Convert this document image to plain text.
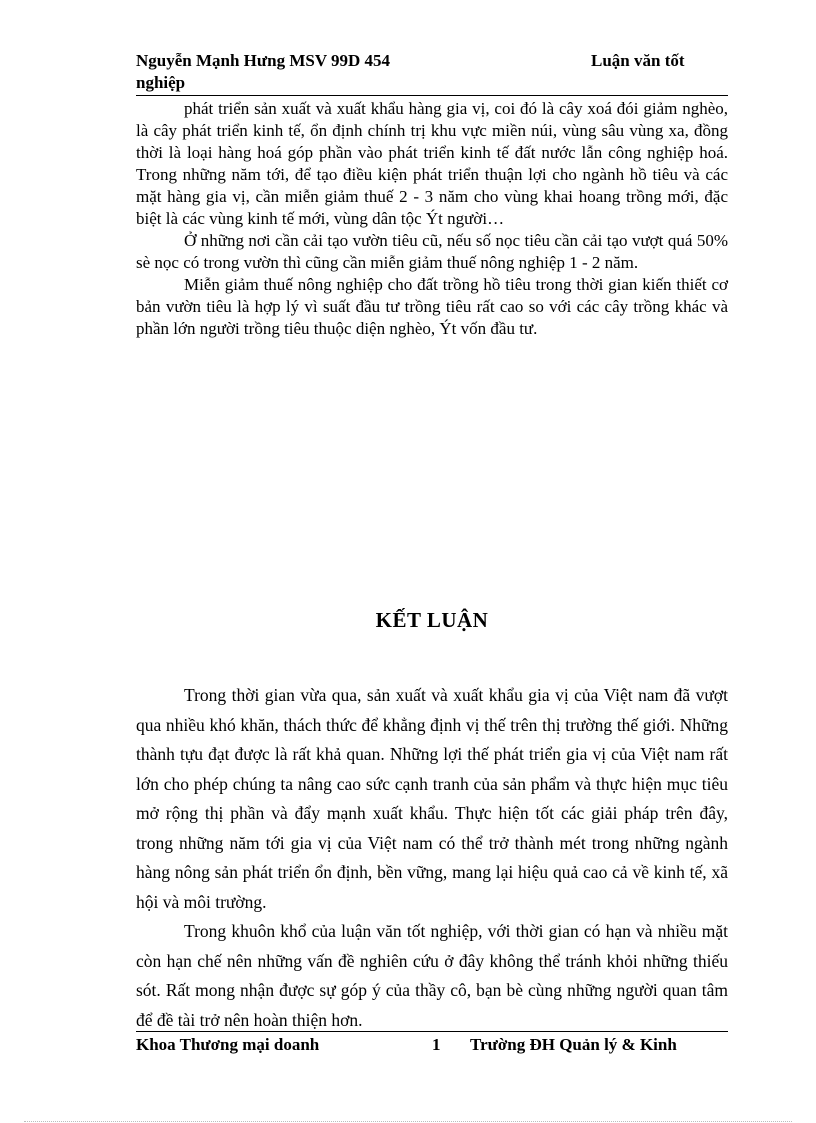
Nguyễn Mạnh Hưng MSV 99D 454 nghiệp
Luận văn tốt

phát triển sản xuất và xuất khẩu hàng gia vị, coi đó là cây xoá đói giảm nghèo, là cây phát triển kinh tế, ổn định chính trị khu vực miền núi, vùng sâu vùng xa, đồng thời là loại hàng hoá góp phần vào phát triển kinh tế đất nước lẫn công nghiệp hoá. Trong những năm tới, để tạo điều kiện phát triển thuận lợi cho ngành hồ tiêu và các mặt hàng gia vị, cần miễn giảm thuế 2 - 3 năm cho vùng khai hoang trồng mới, đặc biệt là các vùng kinh tế mới, vùng dân tộc Ýt người…

Ở những nơi cần cải tạo vườn tiêu cũ, nếu số nọc tiêu cần cải tạo vượt quá 50% sè nọc có trong vườn thì cũng cần miễn giảm thuế nông nghiệp 1 - 2 năm.

Miễn giảm thuế nông nghiệp cho đất trồng hồ tiêu trong thời gian kiến thiết cơ bản vườn tiêu là hợp lý vì suất đầu tư trồng tiêu rất cao so với các cây trồng khác và phần lớn người trồng tiêu thuộc diện nghèo, Ýt vốn đầu tư.

KẾT LUẬN

Trong thời gian vừa qua, sản xuất và xuất khẩu gia vị của Việt nam đã vượt qua nhiều khó khăn, thách thức để khẳng định vị thế trên thị trường thế giới. Những thành tựu đạt được là rất khả quan. Những lợi thế phát triển gia vị của Việt nam rất lớn cho phép chúng ta nâng cao sức cạnh tranh của sản phẩm và thực hiện mục tiêu mở rộng thị phần và đẩy mạnh xuất khẩu. Thực hiện tốt các giải pháp trên đây, trong những năm tới gia vị của Việt nam có thể trở thành mét trong những ngành hàng nông sản phát triển ổn định, bền vững, mang lại hiệu quả cao cả về kinh tế, xã hội và môi trường.

Trong khuôn khổ của luận văn tốt nghiệp, với thời gian có hạn và nhiều mặt còn hạn chế nên những vấn đề nghiên cứu ở đây không thể tránh khỏi những thiếu sót. Rất mong nhận được sự góp ý của thầy cô, bạn bè cùng những người quan tâm để đề tài trở nên hoàn thiện hơn.

Khoa Thương mại doanh	1 Trường ĐH Quản lý & Kinh
